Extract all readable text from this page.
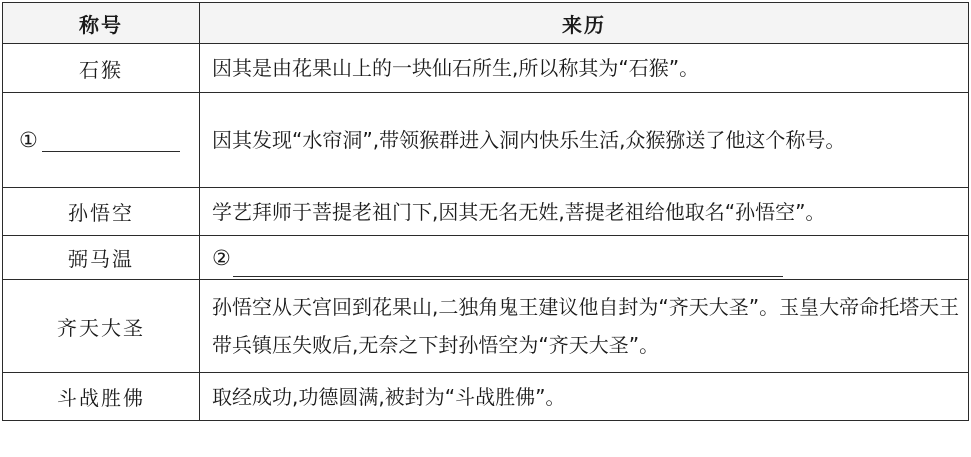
称号	来历
石猴	因其是由花果山上的一块仙石所生,所以称其为“石猴”。

①	因其发现“水帘洞”,带领猴群进入洞内快乐生活,众猴猕送了他这个称号。
孙悟空	学艺拜师于菩提老祖门下,因其无名无姓,菩提老祖给他取名“孙悟空”。
弼马温	②

齐天大圣	孙悟空从天宫回到花果山,二独角鬼王建议他自封为“齐天大圣”。玉皇大帝命托塔天王带兵镇压失败后,无奈之下封孙悟空为“齐天大圣”。
斗战胜佛	取经成功,功德圆满,被封为“斗战胜佛”。
